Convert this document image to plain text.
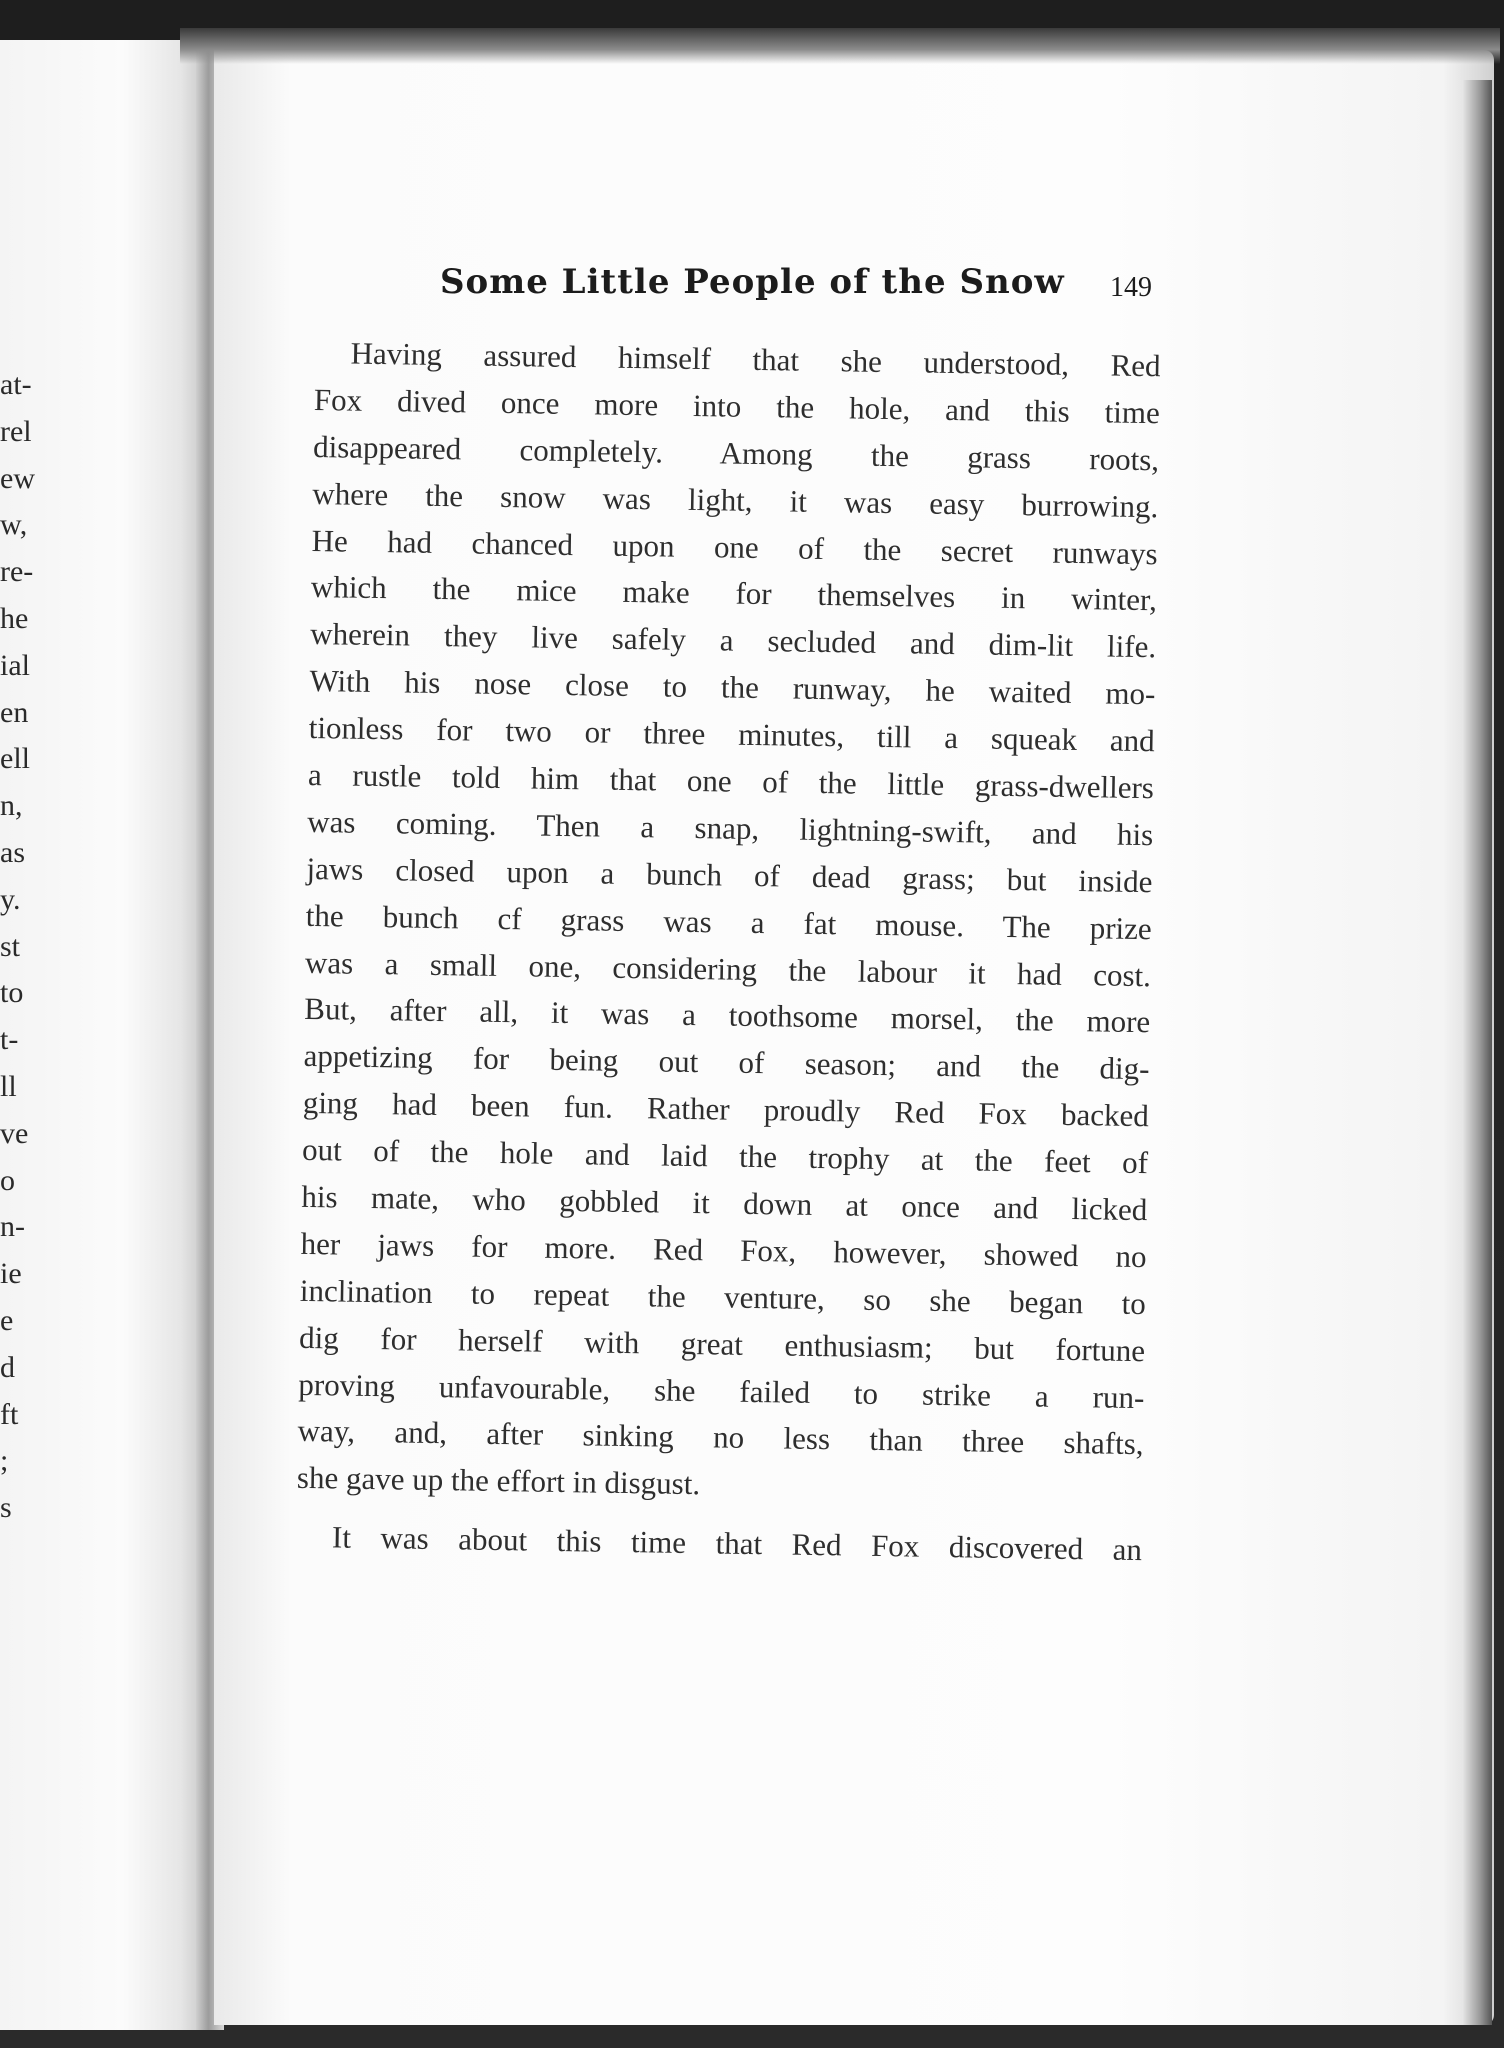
at-
rel
ew
w,
re-
he
ial
en
ell
n,
as
y.
st
to
t-
ll
ve
o
n-
ie
e
d
ft
;
s
Some Little People of the Snow 149
Having assured himself that she understood, Red
Fox dived once more into the hole, and this time
disappeared completely. Among the grass roots,
where the snow was light, it was easy burrowing.
He had chanced upon one of the secret runways
which the mice make for themselves in winter,
wherein they live safely a secluded and dim-lit life.
With his nose close to the runway, he waited mo-
tionless for two or three minutes, till a squeak and
a rustle told him that one of the little grass-dwellers
was coming. Then a snap, lightning-swift, and his
jaws closed upon a bunch of dead grass; but inside
the bunch cf grass was a fat mouse. The prize
was a small one, considering the labour it had cost.
But, after all, it was a toothsome morsel, the more
appetizing for being out of season; and the dig-
ging had been fun. Rather proudly Red Fox backed
out of the hole and laid the trophy at the feet of
his mate, who gobbled it down at once and licked
her jaws for more. Red Fox, however, showed no
inclination to repeat the venture, so she began to
dig for herself with great enthusiasm; but fortune
proving unfavourable, she failed to strike a run-
way, and, after sinking no less than three shafts,
she gave up the effort in disgust.
It was about this time that Red Fox discovered an
